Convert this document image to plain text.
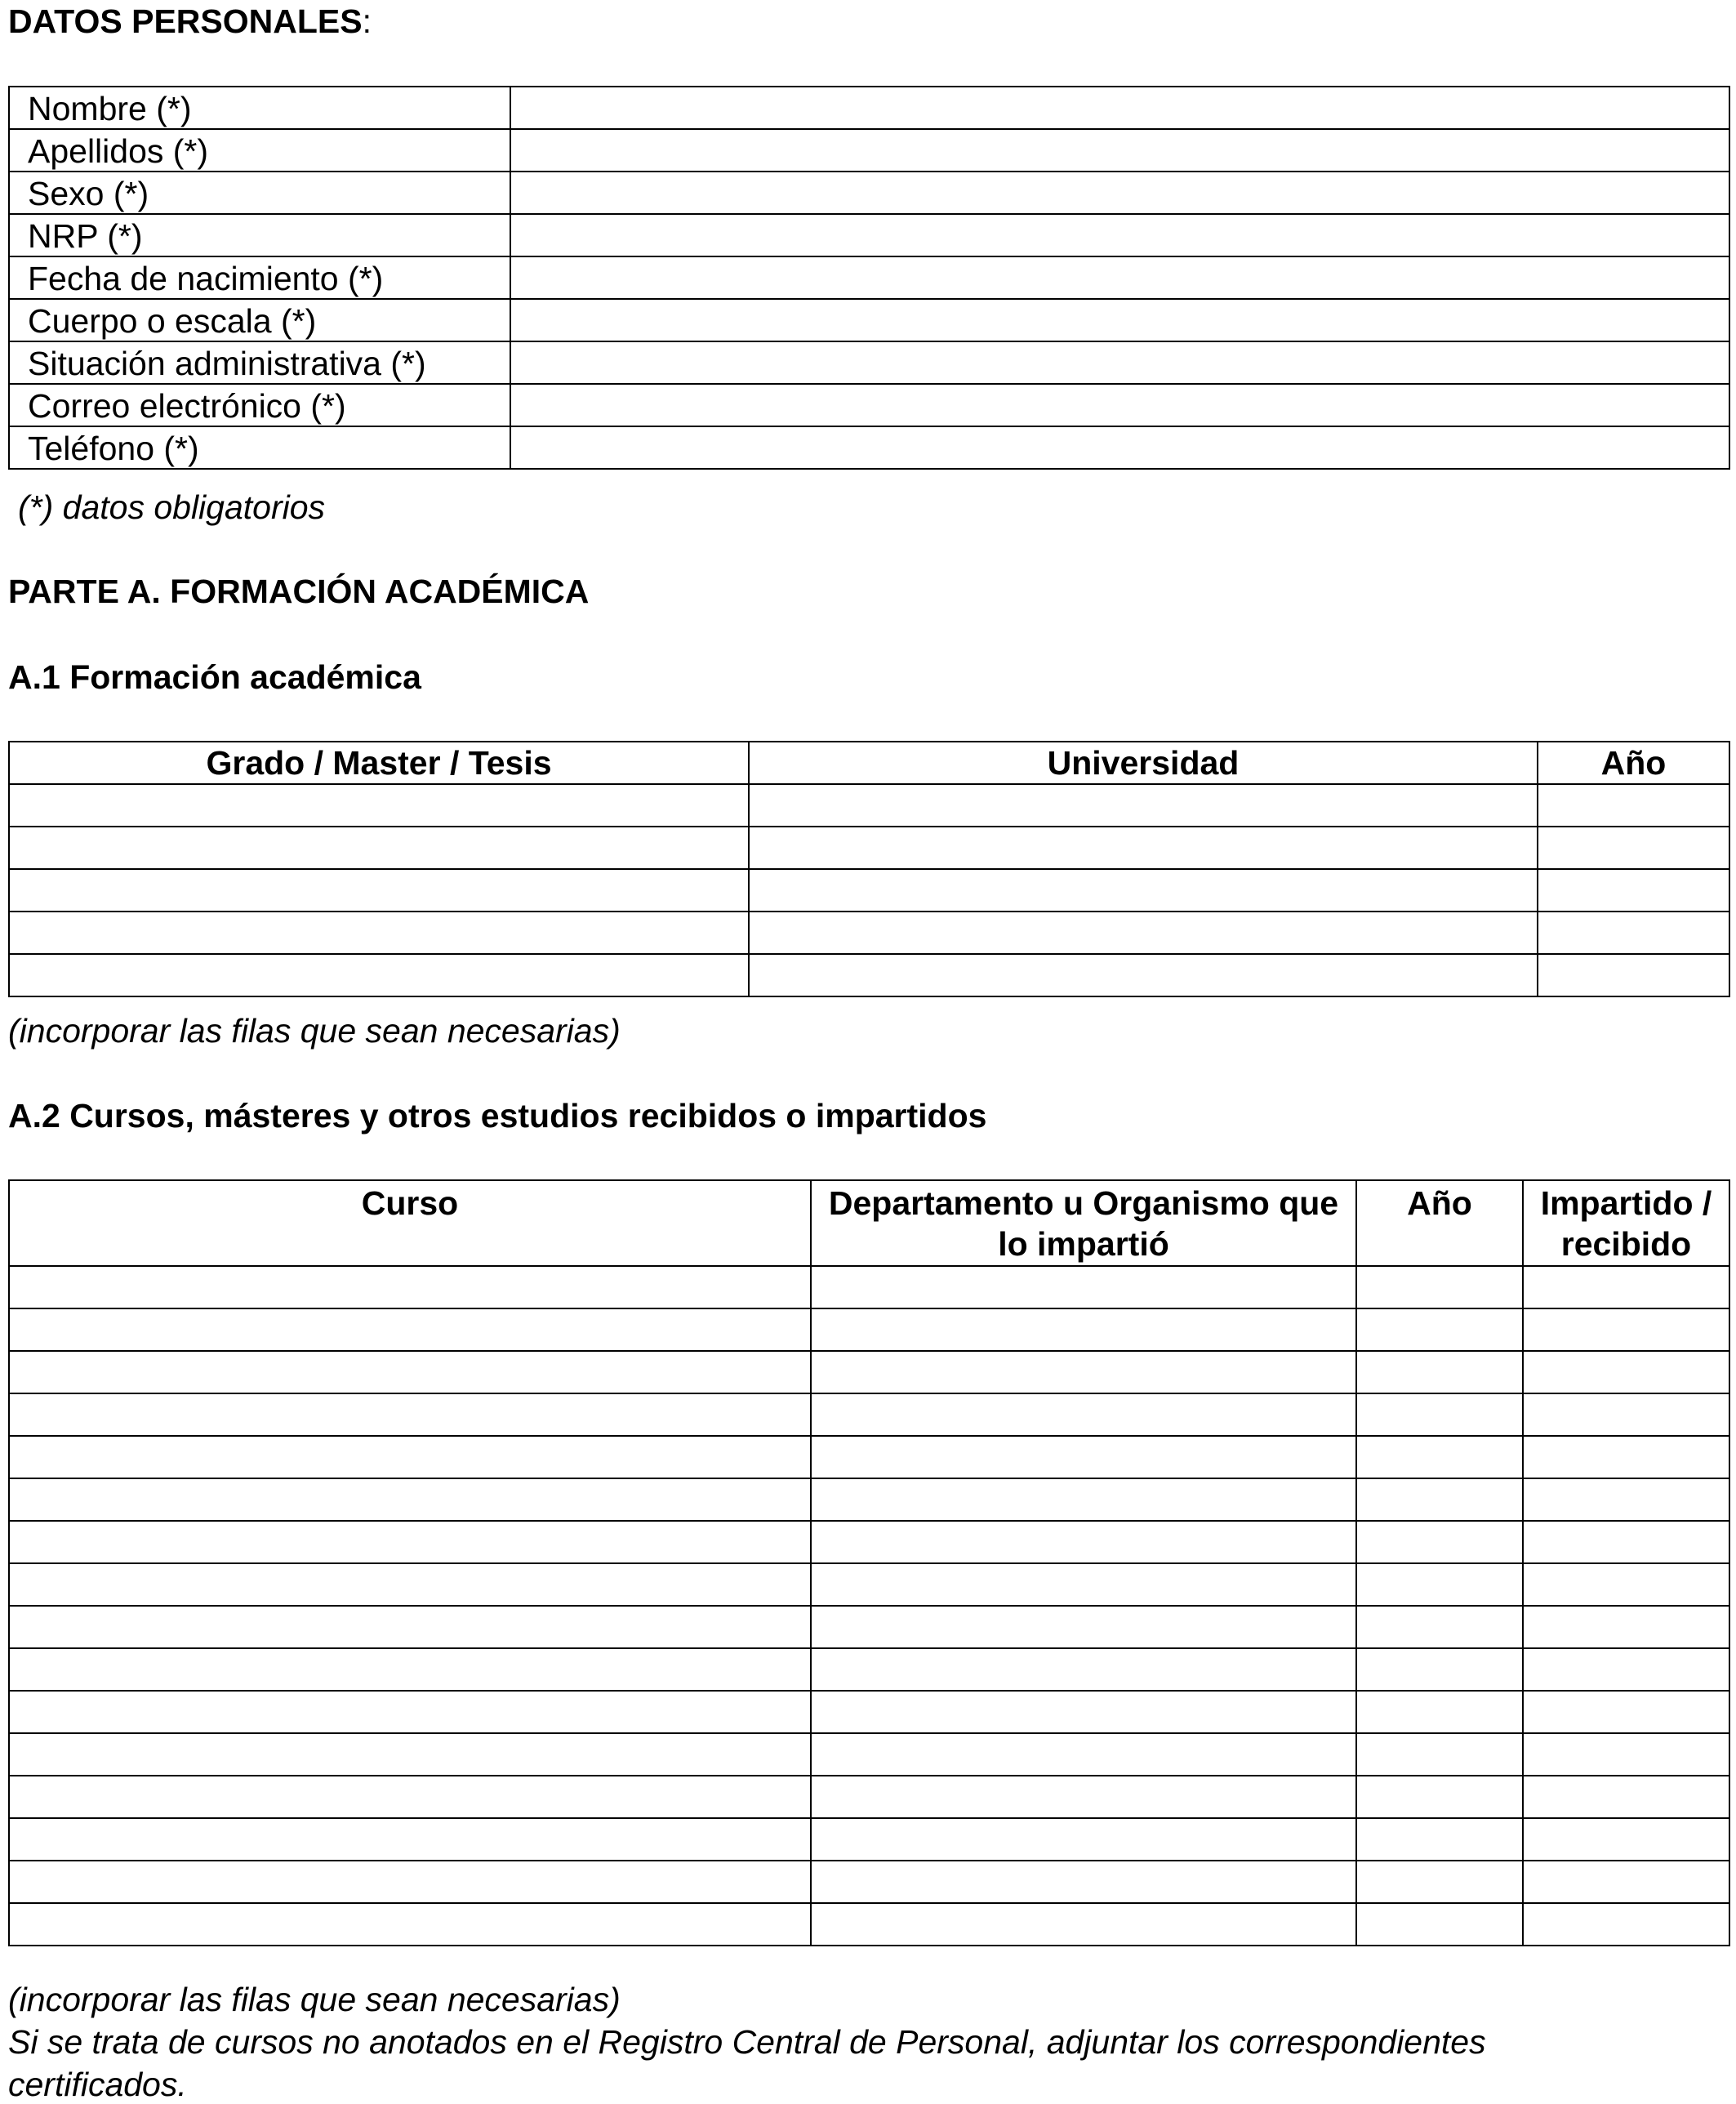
DATOS PERSONALES:
Nombre (*)	
Apellidos (*)	
Sexo (*)	
NRP (*)	
Fecha de nacimiento (*)	
Cuerpo o escala (*)	
Situación administrativa (*)	
Correo electrónico (*)	
Teléfono (*)	
(*) datos obligatorios
PARTE A. FORMACIÓN ACADÉMICA
A.1 Formación académica
Grado / Master / Tesis	Universidad	Año

(incorporar las filas que sean necesarias)
A.2 Cursos, másteres y otros estudios recibidos o impartidos
Curso	Departamento u Organismo que lo impartió	Año	Impartido / recibido

(incorporar las filas que sean necesarias)
Si se trata de cursos no anotados en el Registro Central de Personal, adjuntar los correspondientes
certificados.
